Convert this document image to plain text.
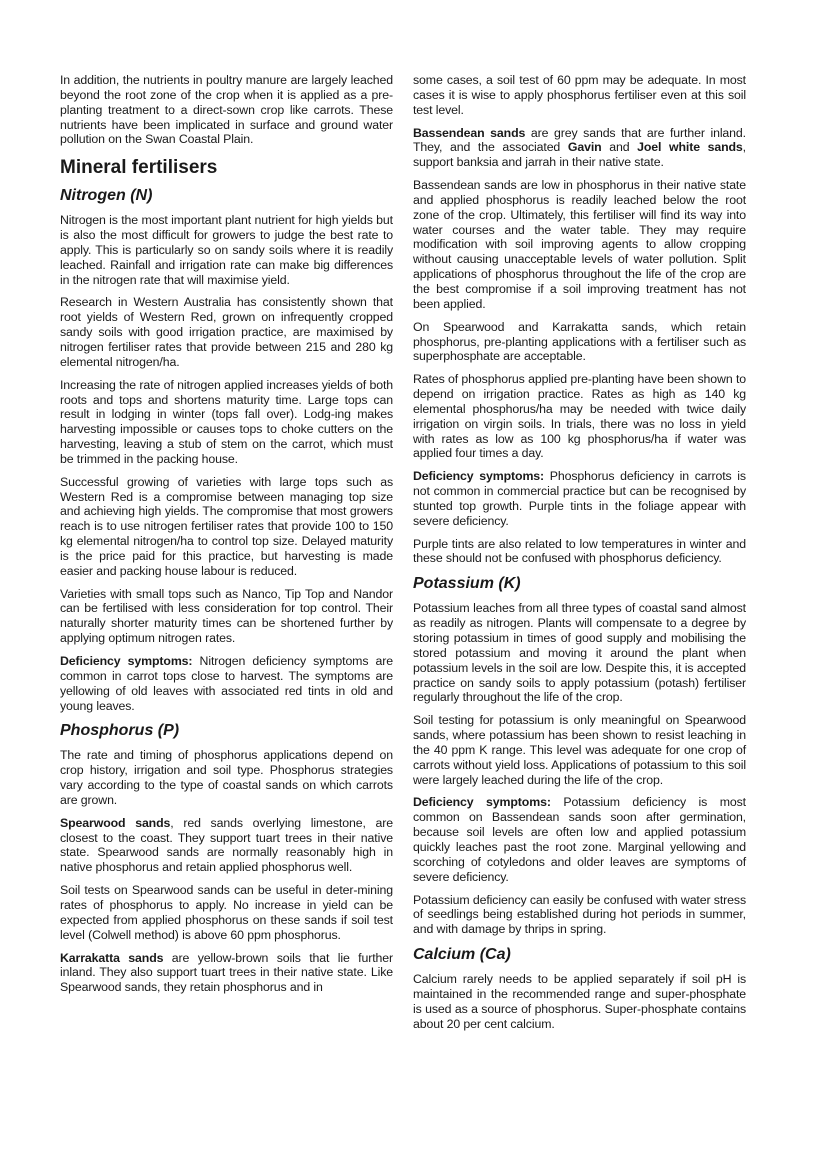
In addition, the nutrients in poultry manure are largely leached beyond the root zone of the crop when it is applied as a pre-planting treatment to a direct-sown crop like carrots. These nutrients have been implicated in surface and ground water pollution on the Swan Coastal Plain.

Mineral fertilisers
Nitrogen (N)

Nitrogen is the most important plant nutrient for high yields but is also the most difficult for growers to judge the best rate to apply. This is particularly so on sandy soils where it is readily leached. Rainfall and irrigation rate can make big differences in the nitrogen rate that will maximise yield.

Research in Western Australia has consistently shown that root yields of Western Red, grown on infrequently cropped sandy soils with good irrigation practice, are maximised by nitrogen fertiliser rates that provide between 215 and 280 kg elemental nitrogen/ha.

Increasing the rate of nitrogen applied increases yields of both roots and tops and shortens maturity time. Large tops can result in lodging in winter (tops fall over). Lodg-ing makes harvesting impossible or causes tops to choke cutters on the harvesting, leaving a stub of stem on the carrot, which must be trimmed in the packing house.

Successful growing of varieties with large tops such as Western Red is a compromise between managing top size and achieving high yields. The compromise that most growers reach is to use nitrogen fertiliser rates that provide 100 to 150 kg elemental nitrogen/ha to control top size. Delayed maturity is the price paid for this practice, but harvesting is made easier and packing house labour is reduced.

Varieties with small tops such as Nanco, Tip Top and Nandor can be fertilised with less consideration for top control. Their naturally shorter maturity times can be shortened further by applying optimum nitrogen rates.

Deficiency symptoms: Nitrogen deficiency symptoms are common in carrot tops close to harvest. The symptoms are yellowing of old leaves with associated red tints in old and young leaves.

Phosphorus (P)

The rate and timing of phosphorus applications depend on crop history, irrigation and soil type. Phosphorus strategies vary according to the type of coastal sands on which carrots are grown.

Spearwood sands, red sands overlying limestone, are closest to the coast. They support tuart trees in their native state. Spearwood sands are normally reasonably high in native phosphorus and retain applied phosphorus well.

Soil tests on Spearwood sands can be useful in deter-mining rates of phosphorus to apply. No increase in yield can be expected from applied phosphorus on these sands if soil test level (Colwell method) is above 60 ppm phosphorus.

Karrakatta sands are yellow-brown soils that lie further inland. They also support tuart trees in their native state. Like Spearwood sands, they retain phosphorus and in

some cases, a soil test of 60 ppm may be adequate. In most cases it is wise to apply phosphorus fertiliser even at this soil test level.

Bassendean sands are grey sands that are further inland. They, and the associated Gavin and Joel white sands, support banksia and jarrah in their native state.

Bassendean sands are low in phosphorus in their native state and applied phosphorus is readily leached below the root zone of the crop. Ultimately, this fertiliser will find its way into water courses and the water table. They may require modification with soil improving agents to allow cropping without causing unacceptable levels of water pollution. Split applications of phosphorus throughout the life of the crop are the best compromise if a soil improving treatment has not been applied.

On Spearwood and Karrakatta sands, which retain phosphorus, pre-planting applications with a fertiliser such as superphosphate are acceptable.

Rates of phosphorus applied pre-planting have been shown to depend on irrigation practice. Rates as high as 140 kg elemental phosphorus/ha may be needed with twice daily irrigation on virgin soils. In trials, there was no loss in yield with rates as low as 100 kg phosphorus/ha if water was applied four times a day.

Deficiency symptoms: Phosphorus deficiency in carrots is not common in commercial practice but can be recognised by stunted top growth. Purple tints in the foliage appear with severe deficiency.

Purple tints are also related to low temperatures in winter and these should not be confused with phosphorus deficiency.

Potassium (K)

Potassium leaches from all three types of coastal sand almost as readily as nitrogen. Plants will compensate to a degree by storing potassium in times of good supply and mobilising the stored potassium and moving it around the plant when potassium levels in the soil are low. Despite this, it is accepted practice on sandy soils to apply potassium (potash) fertiliser regularly throughout the life of the crop.

Soil testing for potassium is only meaningful on Spearwood sands, where potassium has been shown to resist leaching in the 40 ppm K range. This level was adequate for one crop of carrots without yield loss. Applications of potassium to this soil were largely leached during the life of the crop.

Deficiency symptoms: Potassium deficiency is most common on Bassendean sands soon after germination, because soil levels are often low and applied potassium quickly leaches past the root zone. Marginal yellowing and scorching of cotyledons and older leaves are symptoms of severe deficiency.

Potassium deficiency can easily be confused with water stress of seedlings being established during hot periods in summer, and with damage by thrips in spring.

Calcium (Ca)

Calcium rarely needs to be applied separately if soil pH is maintained in the recommended range and super-phosphate is used as a source of phosphorus. Super-phosphate contains about 20 per cent calcium.
